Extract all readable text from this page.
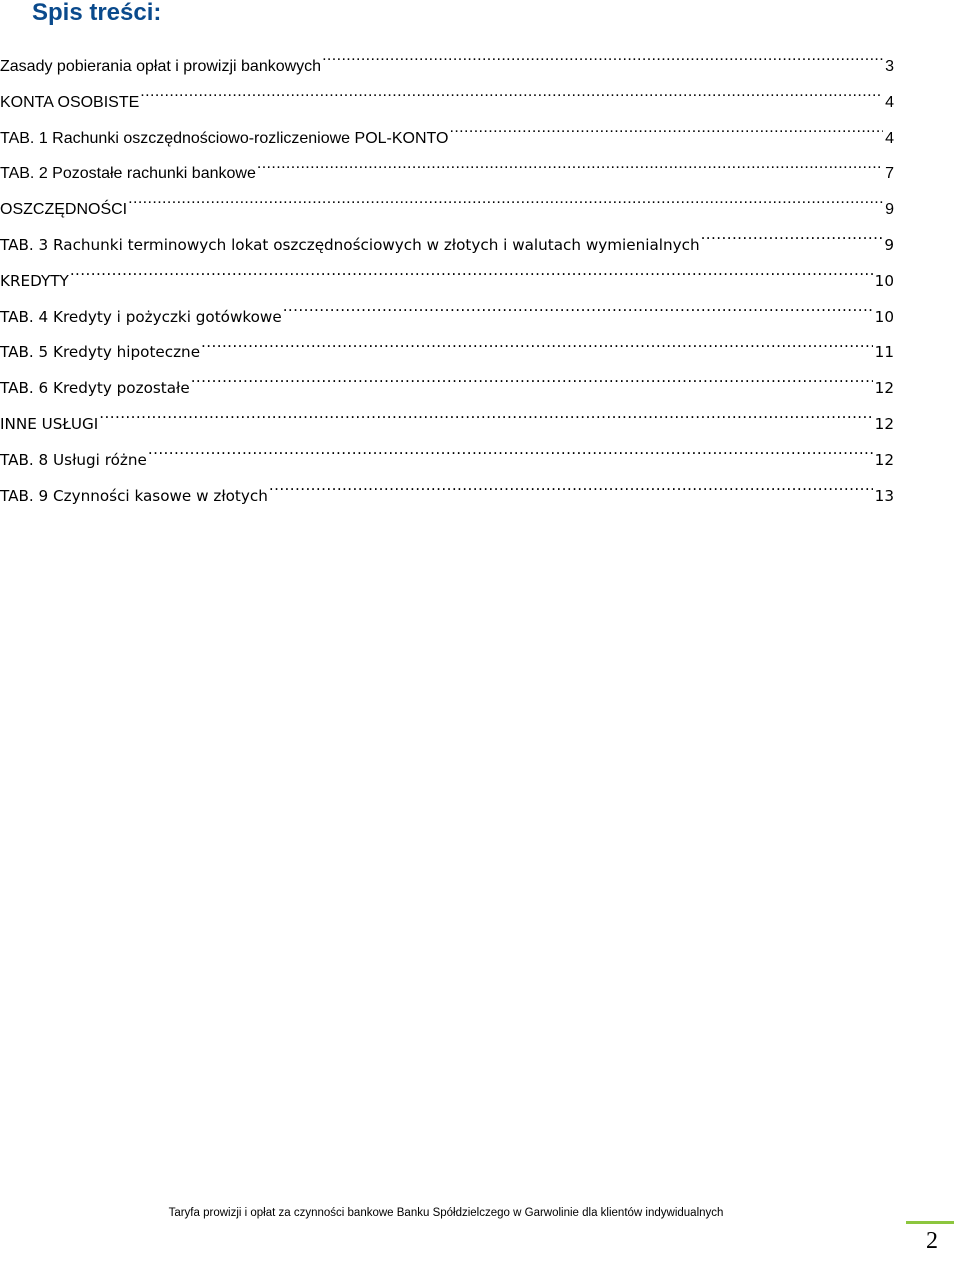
Spis treści:
Zasady pobierania opłat i prowizji bankowych .....	3
KONTA OSOBISTE .....	4
TAB. 1 Rachunki oszczędnościowo-rozliczeniowe POL-KONTO .....	4
TAB. 2 Pozostałe rachunki bankowe .....	7
OSZCZĘDNOŚCI .....	9
TAB. 3 Rachunki terminowych lokat oszczędnościowych w złotych i walutach wymienialnych .....	9
KREDYTY .....	10
TAB. 4 Kredyty i pożyczki gotówkowe .....	10
TAB. 5 Kredyty hipoteczne .....	11
TAB. 6 Kredyty pozostałe .....	12
INNE USŁUGI .....	12
TAB. 8 Usługi różne .....	12
TAB. 9 Czynności kasowe w złotych .....	13
Taryfa prowizji i opłat za czynności bankowe Banku Spółdzielczego w Garwolinie dla klientów indywidualnych
2
